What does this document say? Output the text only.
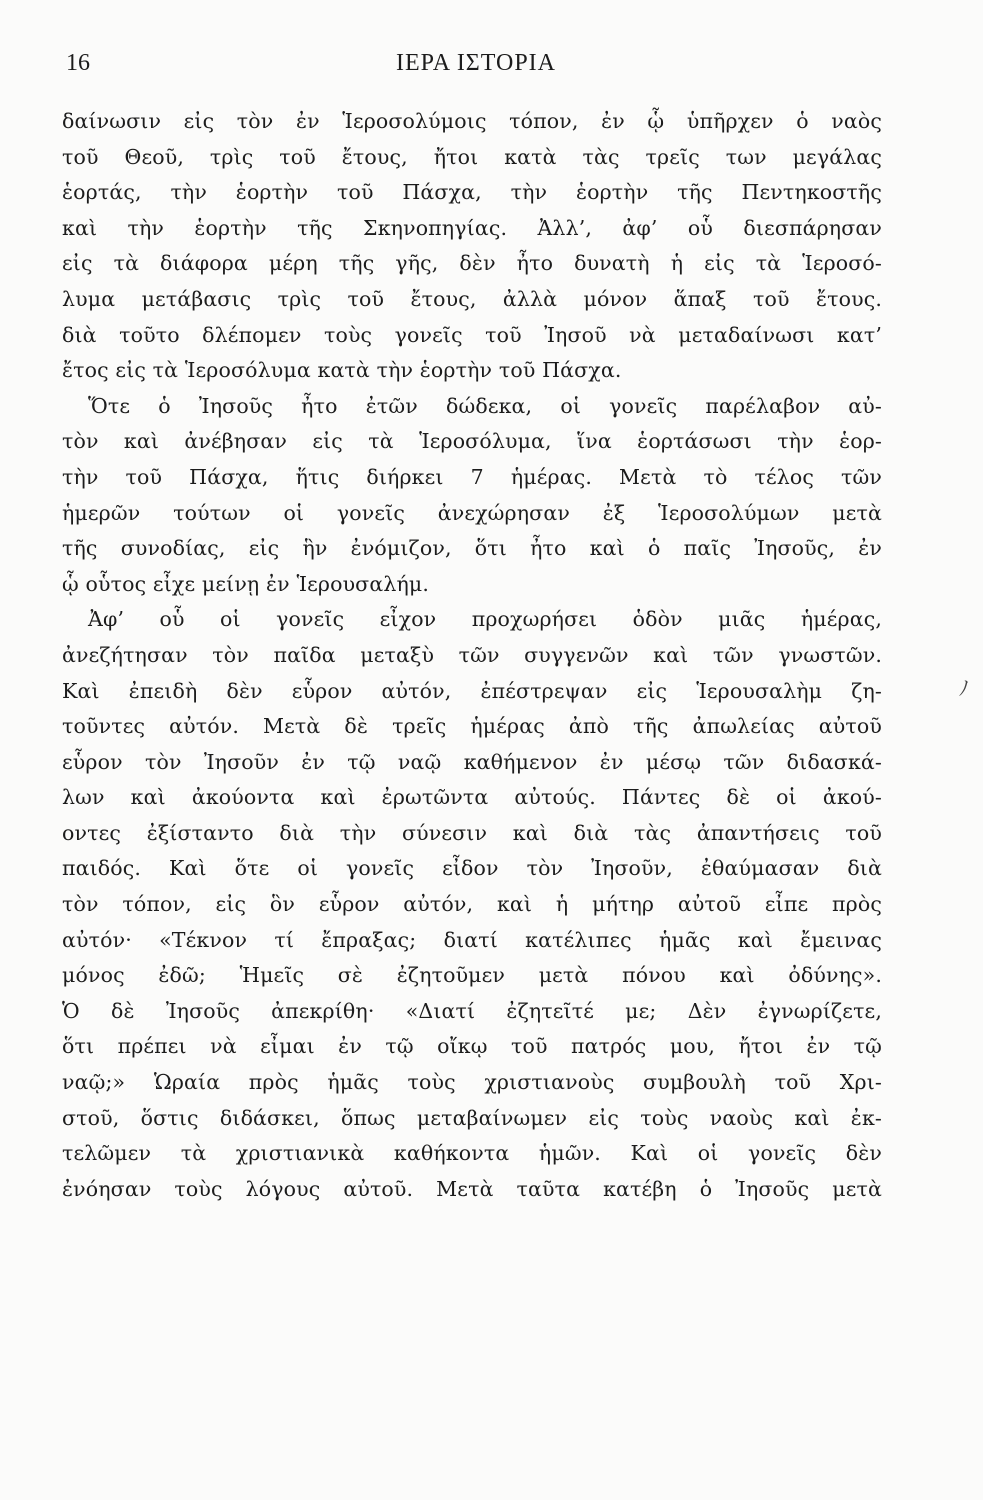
16	ΙΕΡΑ ΙΣΤΟΡΙΑ
δαίνωσιν εἰς τὸν ἐν Ἱεροσολύμοις τόπον, ἐν ᾧ ὑπῆρχεν ὁ ναὸς
τοῦ Θεοῦ, τρὶς τοῦ ἔτους, ἤτοι κατὰ τὰς τρεῖς των μεγάλας
ἑορτάς, τὴν ἑορτὴν τοῦ Πάσχα, τὴν ἑορτὴν τῆς Πεντηκοστῆς
καὶ τὴν ἑορτὴν τῆς Σκηνοπηγίας. Ἀλλ’, ἀφ’ οὗ διεσπάρησαν
εἰς τὰ διάφορα μέρη τῆς γῆς, δὲν ἦτο δυνατὴ ἡ εἰς τὰ Ἱεροσό-
λυμα μετάβασις τρὶς τοῦ ἔτους, ἀλλὰ μόνον ἅπαξ τοῦ ἔτους.
διὰ τοῦτο δλέπομεν τοὺς γονεῖς τοῦ Ἰησοῦ νὰ μεταδαίνωσι κατ’
ἔτος εἰς τὰ Ἱεροσόλυμα κατὰ τὴν ἑορτὴν τοῦ Πάσχα.
Ὅτε ὁ Ἰησοῦς ἦτο ἐτῶν δώδεκα, οἱ γονεῖς παρέλαβον αὐ-
τὸν καὶ ἀνέβησαν εἰς τὰ Ἱεροσόλυμα, ἵνα ἑορτάσωσι τὴν ἑορ-
τὴν τοῦ Πάσχα, ἥτις διήρκει 7 ἡμέρας. Μετὰ τὸ τέλος τῶν
ἡμερῶν τούτων οἱ γονεῖς ἀνεχώρησαν ἐξ Ἱεροσολύμων μετὰ
τῆς συνοδίας, εἰς ἣν ἐνόμιζον, ὅτι ἦτο καὶ ὁ παῖς Ἰησοῦς, ἐν
ᾧ οὗτος εἶχε μείνῃ ἐν Ἱερουσαλήμ.
Ἀφ’ οὗ οἱ γονεῖς εἶχον προχωρήσει ὁδὸν μιᾶς ἡμέρας,
ἀνεζήτησαν τὸν παῖδα μεταξὺ τῶν συγγενῶν καὶ τῶν γνωστῶν.
Καὶ ἐπειδὴ δὲν εὗρον αὐτόν, ἐπέστρεψαν εἰς Ἱερουσαλὴμ ζη-
τοῦντες αὐτόν. Μετὰ δὲ τρεῖς ἡμέρας ἀπὸ τῆς ἀπωλείας αὐτοῦ
εὗρον τὸν Ἰησοῦν ἐν τῷ ναῷ καθήμενον ἐν μέσῳ τῶν διδασκά-
λων καὶ ἀκούοντα καὶ ἐρωτῶντα αὐτούς. Πάντες δὲ οἱ ἀκού-
οντες ἐξίσταντο διὰ τὴν σύνεσιν καὶ διὰ τὰς ἀπαντήσεις τοῦ
παιδός. Καὶ ὅτε οἱ γονεῖς εἶδον τὸν Ἰησοῦν, ἐθαύμασαν διὰ
τὸν τόπον, εἰς ὃν εὗρον αὐτόν, καὶ ἡ μήτηρ αὐτοῦ εἶπε πρὸς
αὐτόν· «Τέκνον τί ἔπραξας; διατί κατέλιπες ἡμᾶς καὶ ἔμεινας
μόνος ἐδῶ; Ἡμεῖς σὲ ἐζητοῦμεν μετὰ πόνου καὶ ὀδύνης».
Ὁ δὲ Ἰησοῦς ἀπεκρίθη· «Διατί ἐζητεῖτέ με; Δὲν ἐγνωρίζετε,
ὅτι πρέπει νὰ εἶμαι ἐν τῷ οἴκῳ τοῦ πατρός μου, ἤτοι ἐν τῷ
ναῷ;» Ὡραία πρὸς ἡμᾶς τοὺς χριστιανοὺς συμβουλὴ τοῦ Χρι-
στοῦ, ὅστις διδάσκει, ὅπως μεταβαίνωμεν εἰς τοὺς ναοὺς καὶ ἐκ-
τελῶμεν τὰ χριστιανικὰ καθήκοντα ἡμῶν. Καὶ οἱ γονεῖς δὲν
ἐνόησαν τοὺς λόγους αὐτοῦ. Μετὰ ταῦτα κατέβη ὁ Ἰησοῦς μετὰ
ﾉ
